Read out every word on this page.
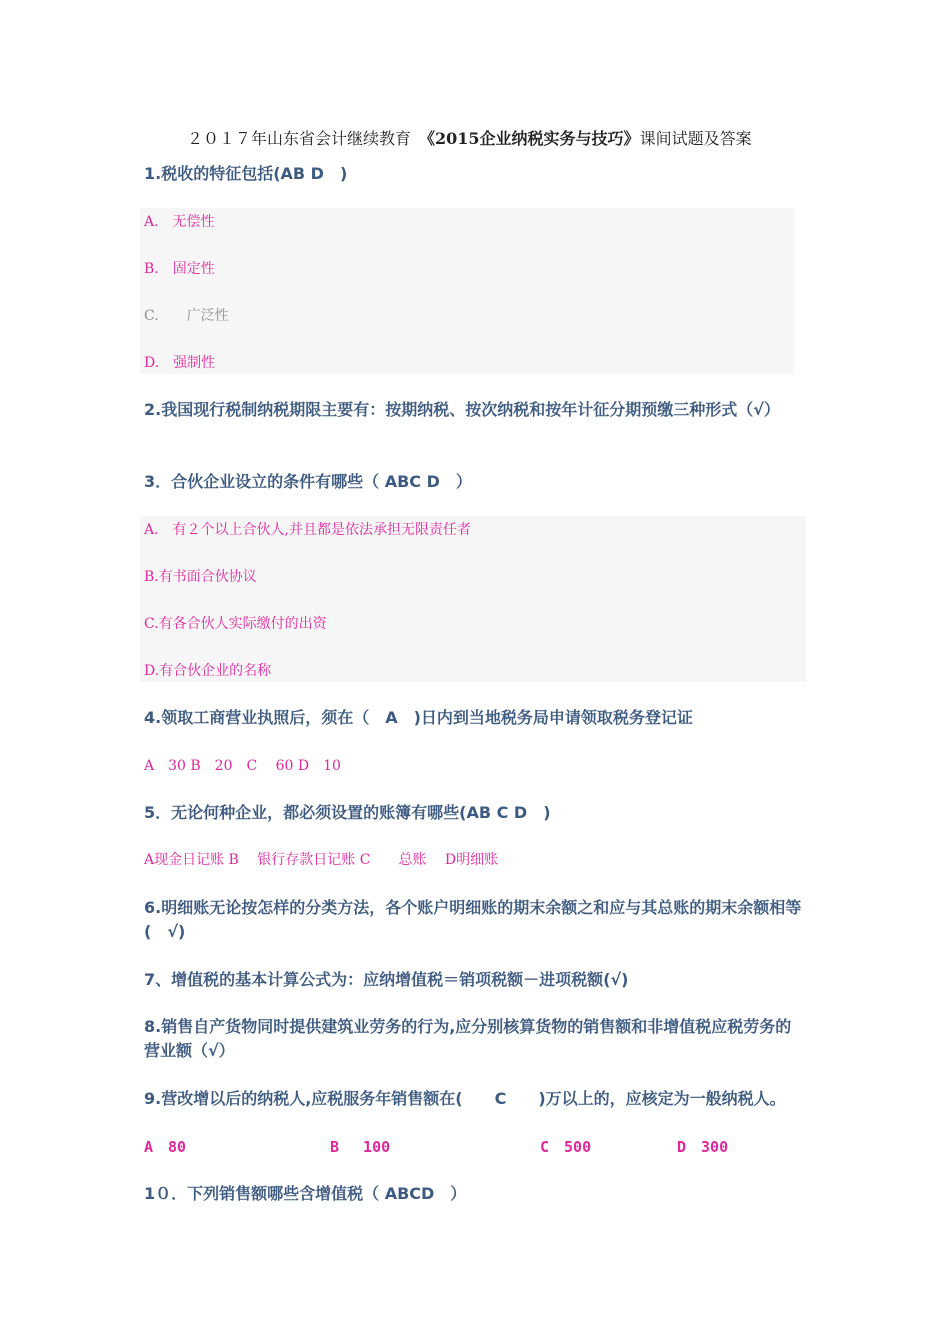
２０１７年山东省会计继续教育　《2015企业纳税实务与技巧》课间试题及答案
1.税收的特征包括(AB D　)
A.　无偿性
B.　固定性
C.　　广泛性
D.　强制性
2.我国现行税制纳税期限主要有：按期纳税、按次纳税和按年计征分期预缴三种形式（√）
3．合伙企业设立的条件有哪些（ ABC D　）
A.　有２个以上合伙人,并且都是依法承担无限责任者
B.有书面合伙协议
C.有各合伙人实际缴付的出资
D.有合伙企业的名称
4.领取工商营业执照后，须在（　A　)日内到当地税务局申请领取税务登记证
A　30 B　20　C　 60 D　10
5．无论何种企业，都必须设置的账簿有哪些(AB C D　)
A现金日记账 B　 银行存款日记账 C　　总账　 D明细账
6.明细账无论按怎样的分类方法，各个账户明细账的期末余额之和应与其总账的期末余额相等(　√)
7、增值税的基本计算公式为：应纳增值税＝销项税额－进项税额(√)
8.销售自产货物同时提供建筑业劳务的行为,应分别核算货物的销售额和非增值税应税劳务的营业额（√）
9.营改增以后的纳税人,应税服务年销售额在(　　C　　)万以上的，应核定为一般纳税人。
A　80	B　 100	C　500	D　300
1０．下列销售额哪些含增值税（ ABCD　）
